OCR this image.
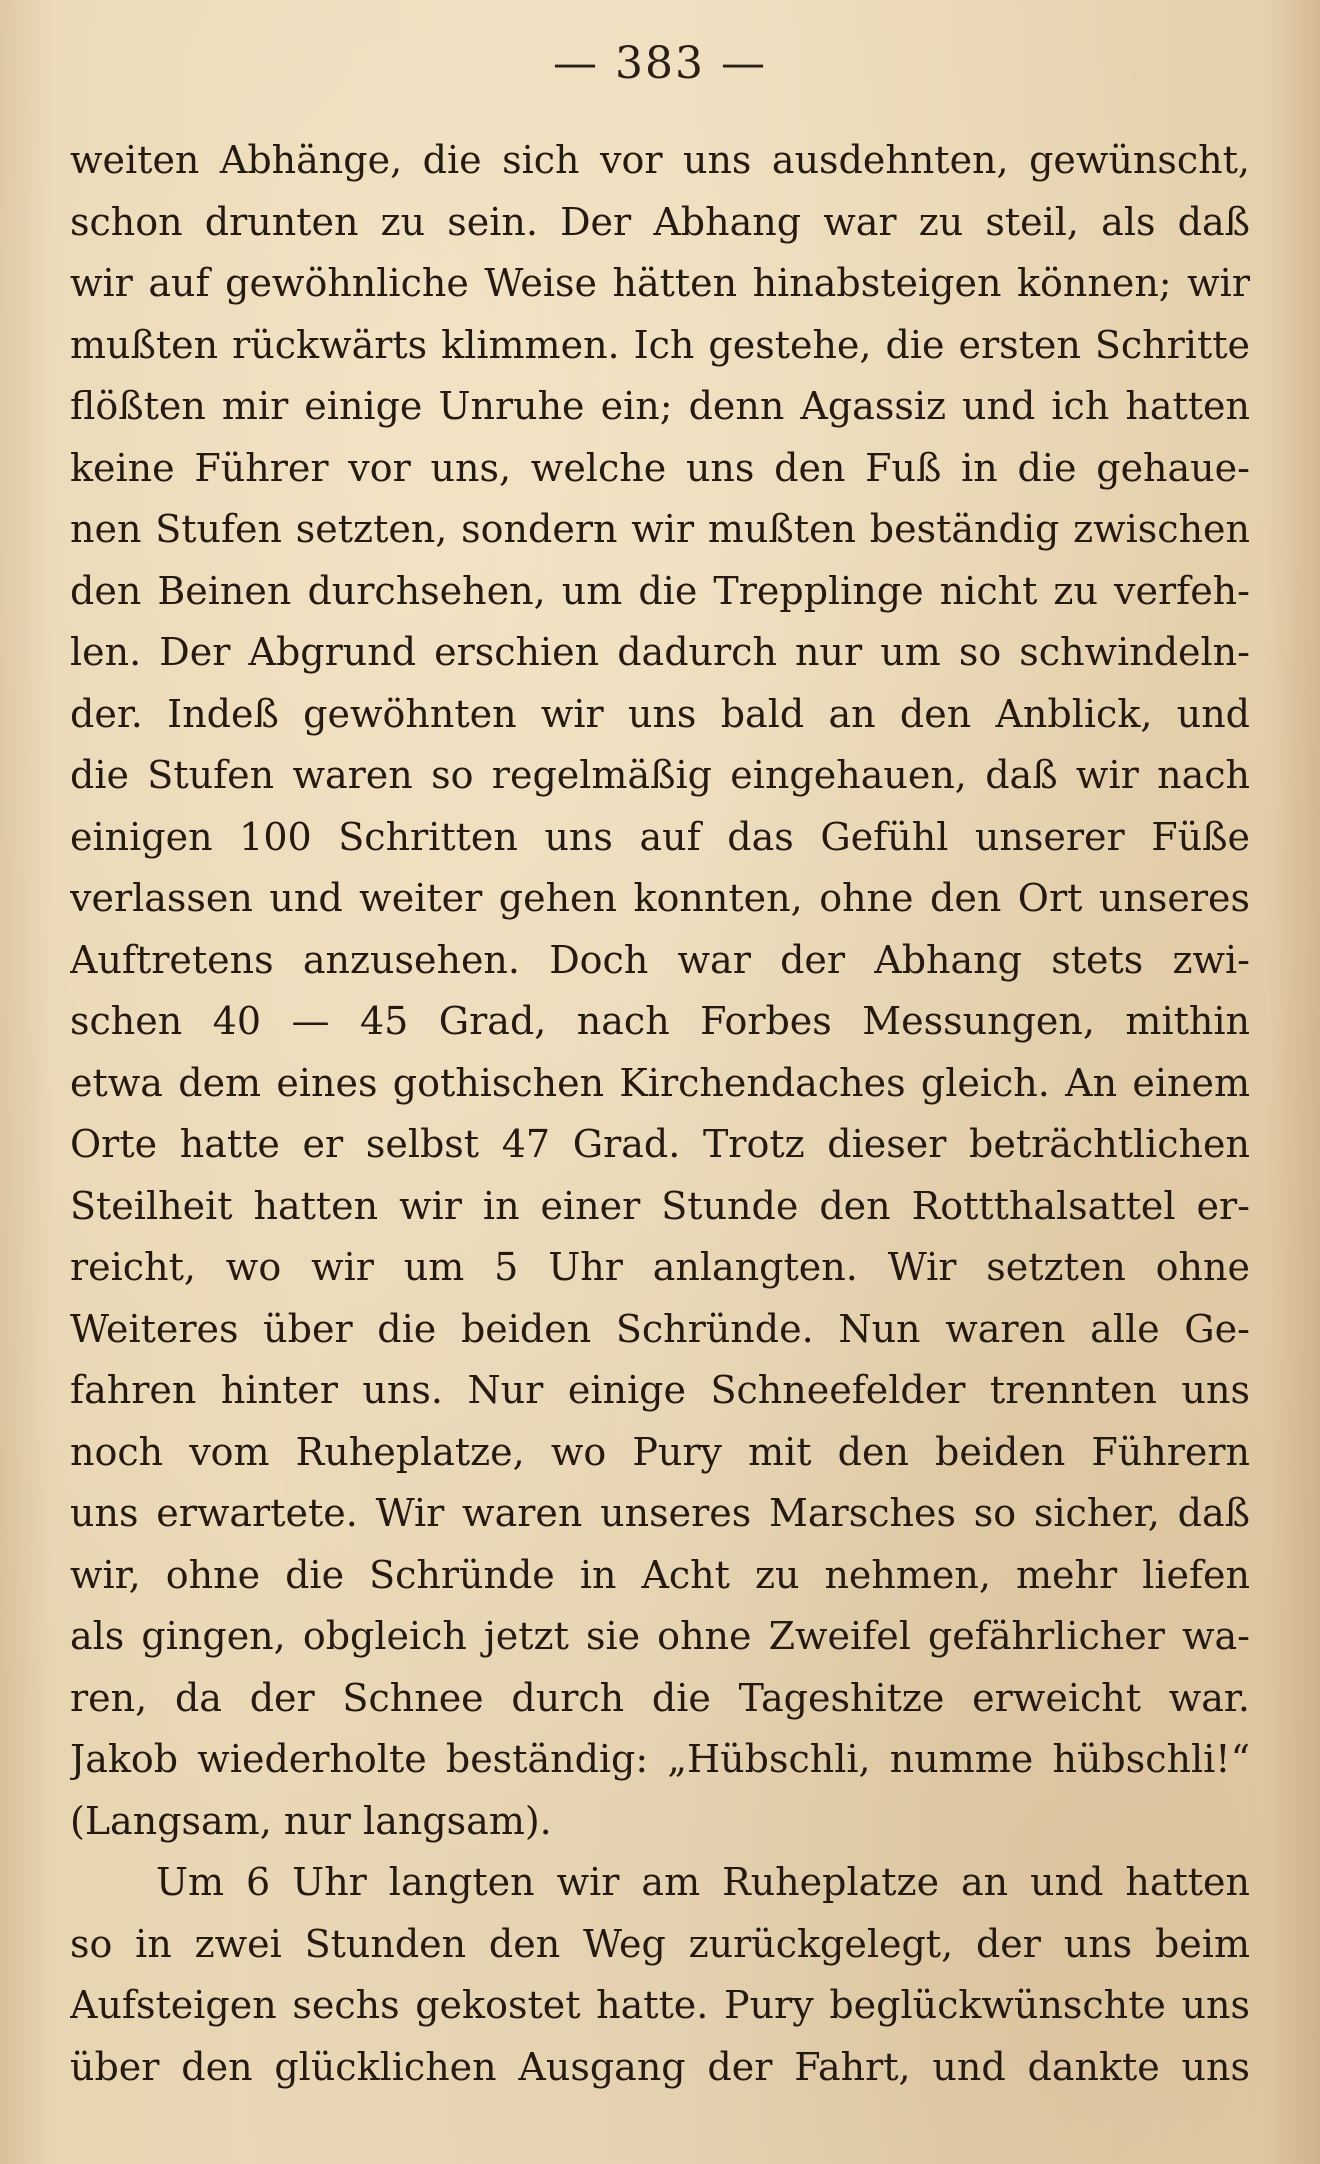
— 383 —
weiten Abhänge, die sich vor uns ausdehnten, gewünscht,
schon drunten zu sein. Der Abhang war zu steil, als daß
wir auf gewöhnliche Weise hätten hinabsteigen können; wir
mußten rückwärts klimmen. Ich gestehe, die ersten Schritte
flößten mir einige Unruhe ein; denn Agassiz und ich hatten
keine Führer vor uns, welche uns den Fuß in die gehaue-
nen Stufen setzten, sondern wir mußten beständig zwischen
den Beinen durchsehen, um die Trepplinge nicht zu verfeh-
len. Der Abgrund erschien dadurch nur um so schwindeln-
der. Indeß gewöhnten wir uns bald an den Anblick, und
die Stufen waren so regelmäßig eingehauen, daß wir nach
einigen 100 Schritten uns auf das Gefühl unserer Füße
verlassen und weiter gehen konnten, ohne den Ort unseres
Auftretens anzusehen. Doch war der Abhang stets zwi-
schen 40 — 45 Grad, nach Forbes Messungen, mithin
etwa dem eines gothischen Kirchendaches gleich. An einem
Orte hatte er selbst 47 Grad. Trotz dieser beträchtlichen
Steilheit hatten wir in einer Stunde den Rottthalsattel er-
reicht, wo wir um 5 Uhr anlangten. Wir setzten ohne
Weiteres über die beiden Schründe. Nun waren alle Ge-
fahren hinter uns. Nur einige Schneefelder trennten uns
noch vom Ruheplatze, wo Pury mit den beiden Führern
uns erwartete. Wir waren unseres Marsches so sicher, daß
wir, ohne die Schründe in Acht zu nehmen, mehr liefen
als gingen, obgleich jetzt sie ohne Zweifel gefährlicher wa-
ren, da der Schnee durch die Tageshitze erweicht war.
Jakob wiederholte beständig: „Hübschli, numme hübschli!“
(Langsam, nur langsam).
Um 6 Uhr langten wir am Ruheplatze an und hatten
so in zwei Stunden den Weg zurückgelegt, der uns beim
Aufsteigen sechs gekostet hatte. Pury beglückwünschte uns
über den glücklichen Ausgang der Fahrt, und dankte uns
